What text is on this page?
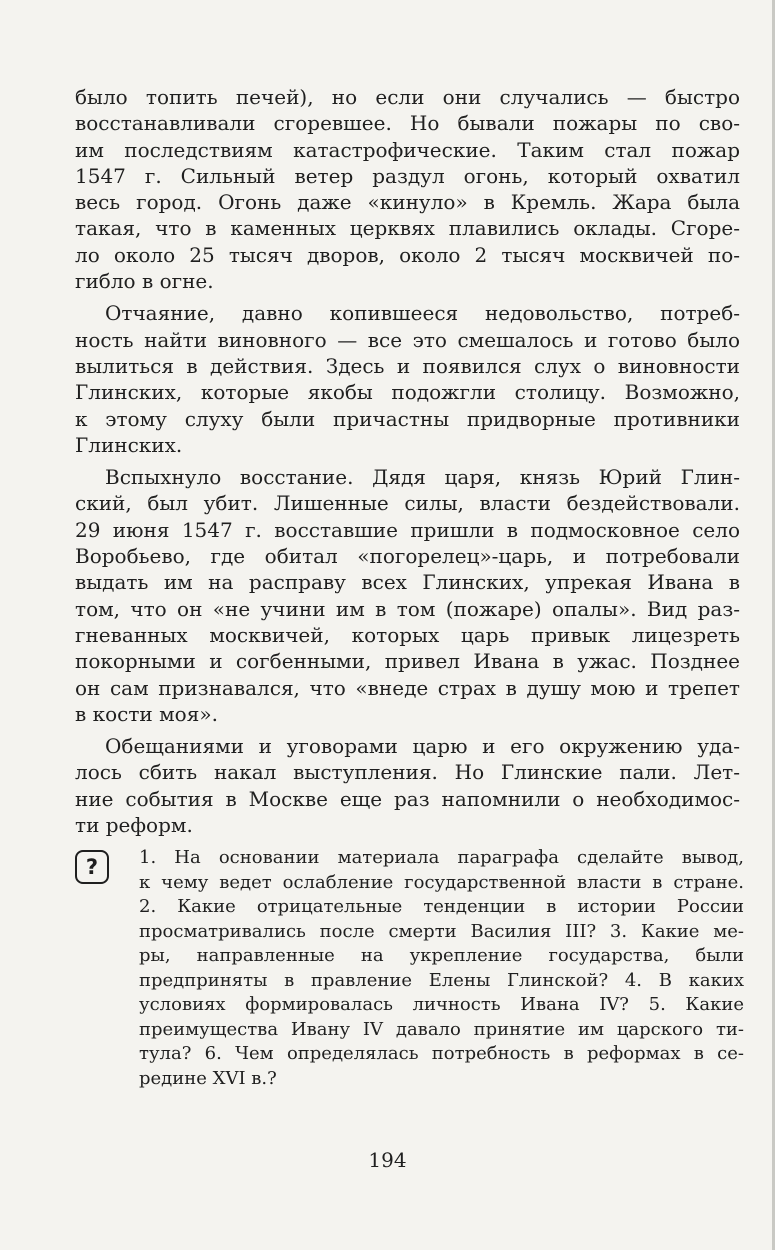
было топить печей), но если они случались — быстро
восстанавливали сгоревшее. Но бывали пожары по сво-
им последствиям катастрофические. Таким стал пожар
1547 г. Сильный ветер раздул огонь, который охватил
весь город. Огонь даже «кинуло» в Кремль. Жара была
такая, что в каменных церквях плавились оклады. Сгоре-
ло около 25 тысяч дворов, около 2 тысяч москвичей по-
гибло в огне.
Отчаяние, давно копившееся недовольство, потреб-
ность найти виновного — все это смешалось и готово было
вылиться в действия. Здесь и появился слух о виновности
Глинских, которые якобы подожгли столицу. Возможно,
к этому слуху были причастны придворные противники
Глинских.
Вспыхнуло восстание. Дядя царя, князь Юрий Глин-
ский, был убит. Лишенные силы, власти бездействовали.
29 июня 1547 г. восставшие пришли в подмосковное село
Воробьево, где обитал «погорелец»-царь, и потребовали
выдать им на расправу всех Глинских, упрекая Ивана в
том, что он «не учини им в том (пожаре) опалы». Вид раз-
гневанных москвичей, которых царь привык лицезреть
покорными и согбенными, привел Ивана в ужас. Позднее
он сам признавался, что «внеде страх в душу мою и трепет
в кости моя».
Обещаниями и уговорами царю и его окружению уда-
лось сбить накал выступления. Но Глинские пали. Лет-
ние события в Москве еще раз напомнили о необходимос-
ти реформ.
?	1. На основании материала параграфа сделайте вывод,
к чему ведет ослабление государственной власти в стране.
2. Какие отрицательные тенденции в истории России
просматривались после смерти Василия III? 3. Какие ме-
ры, направленные на укрепление государства, были
предприняты в правление Елены Глинской? 4. В каких
условиях формировалась личность Ивана IV? 5. Какие
преимущества Ивану IV давало принятие им царского ти-
тула? 6. Чем определялась потребность в реформах в се-
редине XVI в.?
194
